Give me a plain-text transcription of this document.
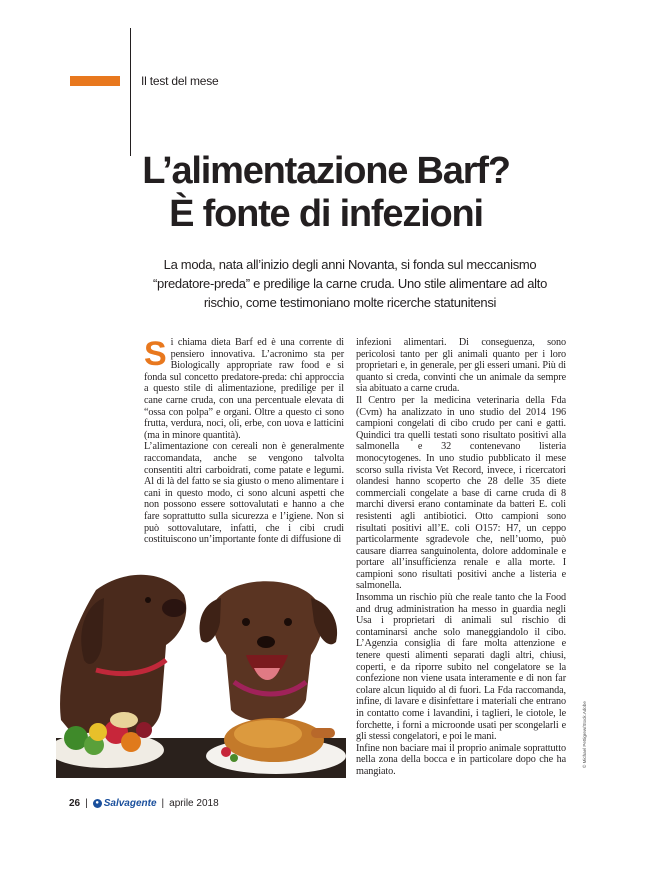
Il test del mese
L’alimentazione Barf?
È fonte di infezioni
La moda, nata all’inizio degli anni Novanta, si fonda sul meccanismo “predatore-preda” e predilige la carne cruda. Uno stile alimentare ad alto rischio, come testimoniano molte ricerche statunitensi

Si chiama dieta Barf ed è una corrente di pensiero innovativa. L’acronimo sta per Biologically appropriate raw food e si fonda sul concetto predatore-preda: chi approccia a questo stile di alimentazione, predilige per il cane carne cruda, con una percentuale elevata di “ossa con polpa” e organi. Oltre a questo ci sono frutta, verdura, noci, oli, erbe, con uova e latticini (ma in minore quantità).

L’alimentazione con cereali non è generalmente raccomandata, anche se vengono talvolta consentiti altri carboidrati, come patate e legumi. Al di là del fatto se sia giusto o meno alimentare i cani in questo modo, ci sono alcuni aspetti che non possono essere sottovalutati e hanno a che fare soprattutto sulla sicurezza e l’igiene. Non si può sottovalutare, infatti, che i cibi crudi costituiscono un’importante fonte di diffusione di

infezioni alimentari. Di conseguenza, sono pericolosi tanto per gli animali quanto per i loro proprietari e, in generale, per gli esseri umani. Più di quanto si creda, convinti che un animale da sempre sia abituato a carne cruda.

Il Centro per la medicina veterinaria della Fda (Cvm) ha analizzato in uno studio del 2014 196 campioni congelati di cibo crudo per cani e gatti. Quindici tra quelli testati sono risultato positivi alla salmonella e 32 contenevano listeria monocytogenes. In uno studio pubblicato il mese scorso sulla rivista Vet Record, invece, i ricercatori olandesi hanno scoperto che 28 delle 35 diete commerciali congelate a base di carne cruda di 8 marchi diversi erano contaminate da batteri E. coli resistenti agli antibiotici. Otto campioni sono risultati positivi all’E. coli O157: H7, un ceppo particolarmente sgradevole che, nell’uomo, può causare diarrea sanguinolenta, dolore addominale e portare all’insufficienza renale e alla morte. I campioni sono risultati positivi anche a listeria e salmonella.

Insomma un rischio più che reale tanto che la Food and drug administration ha messo in guardia negli Usa i proprietari di animali sul rischio di contaminarsi anche solo maneggiandolo il cibo. L’Agenzia consiglia di fare molta attenzione e tenere questi alimenti separati dagli altri, chiusi, coperti, e da riporre subito nel congelatore se la confezione non viene usata interamente e di non far colare alcun liquido al di fuori. La Fda raccomanda, infine, di lavare e disinfettare i materiali che entrano in contatto come i lavandini, i taglieri, le ciotole, le forchette, i forni a microonde usati per scongelarli e gli stessi congelatori, e poi le mani.

Infine non baciare mai il proprio animale soprattutto nella zona della bocca e in particolare dopo che ha mangiato.

© Michael Pettigrew/Stock.Adobe
26 |	● Salvagente | aprile 2018
